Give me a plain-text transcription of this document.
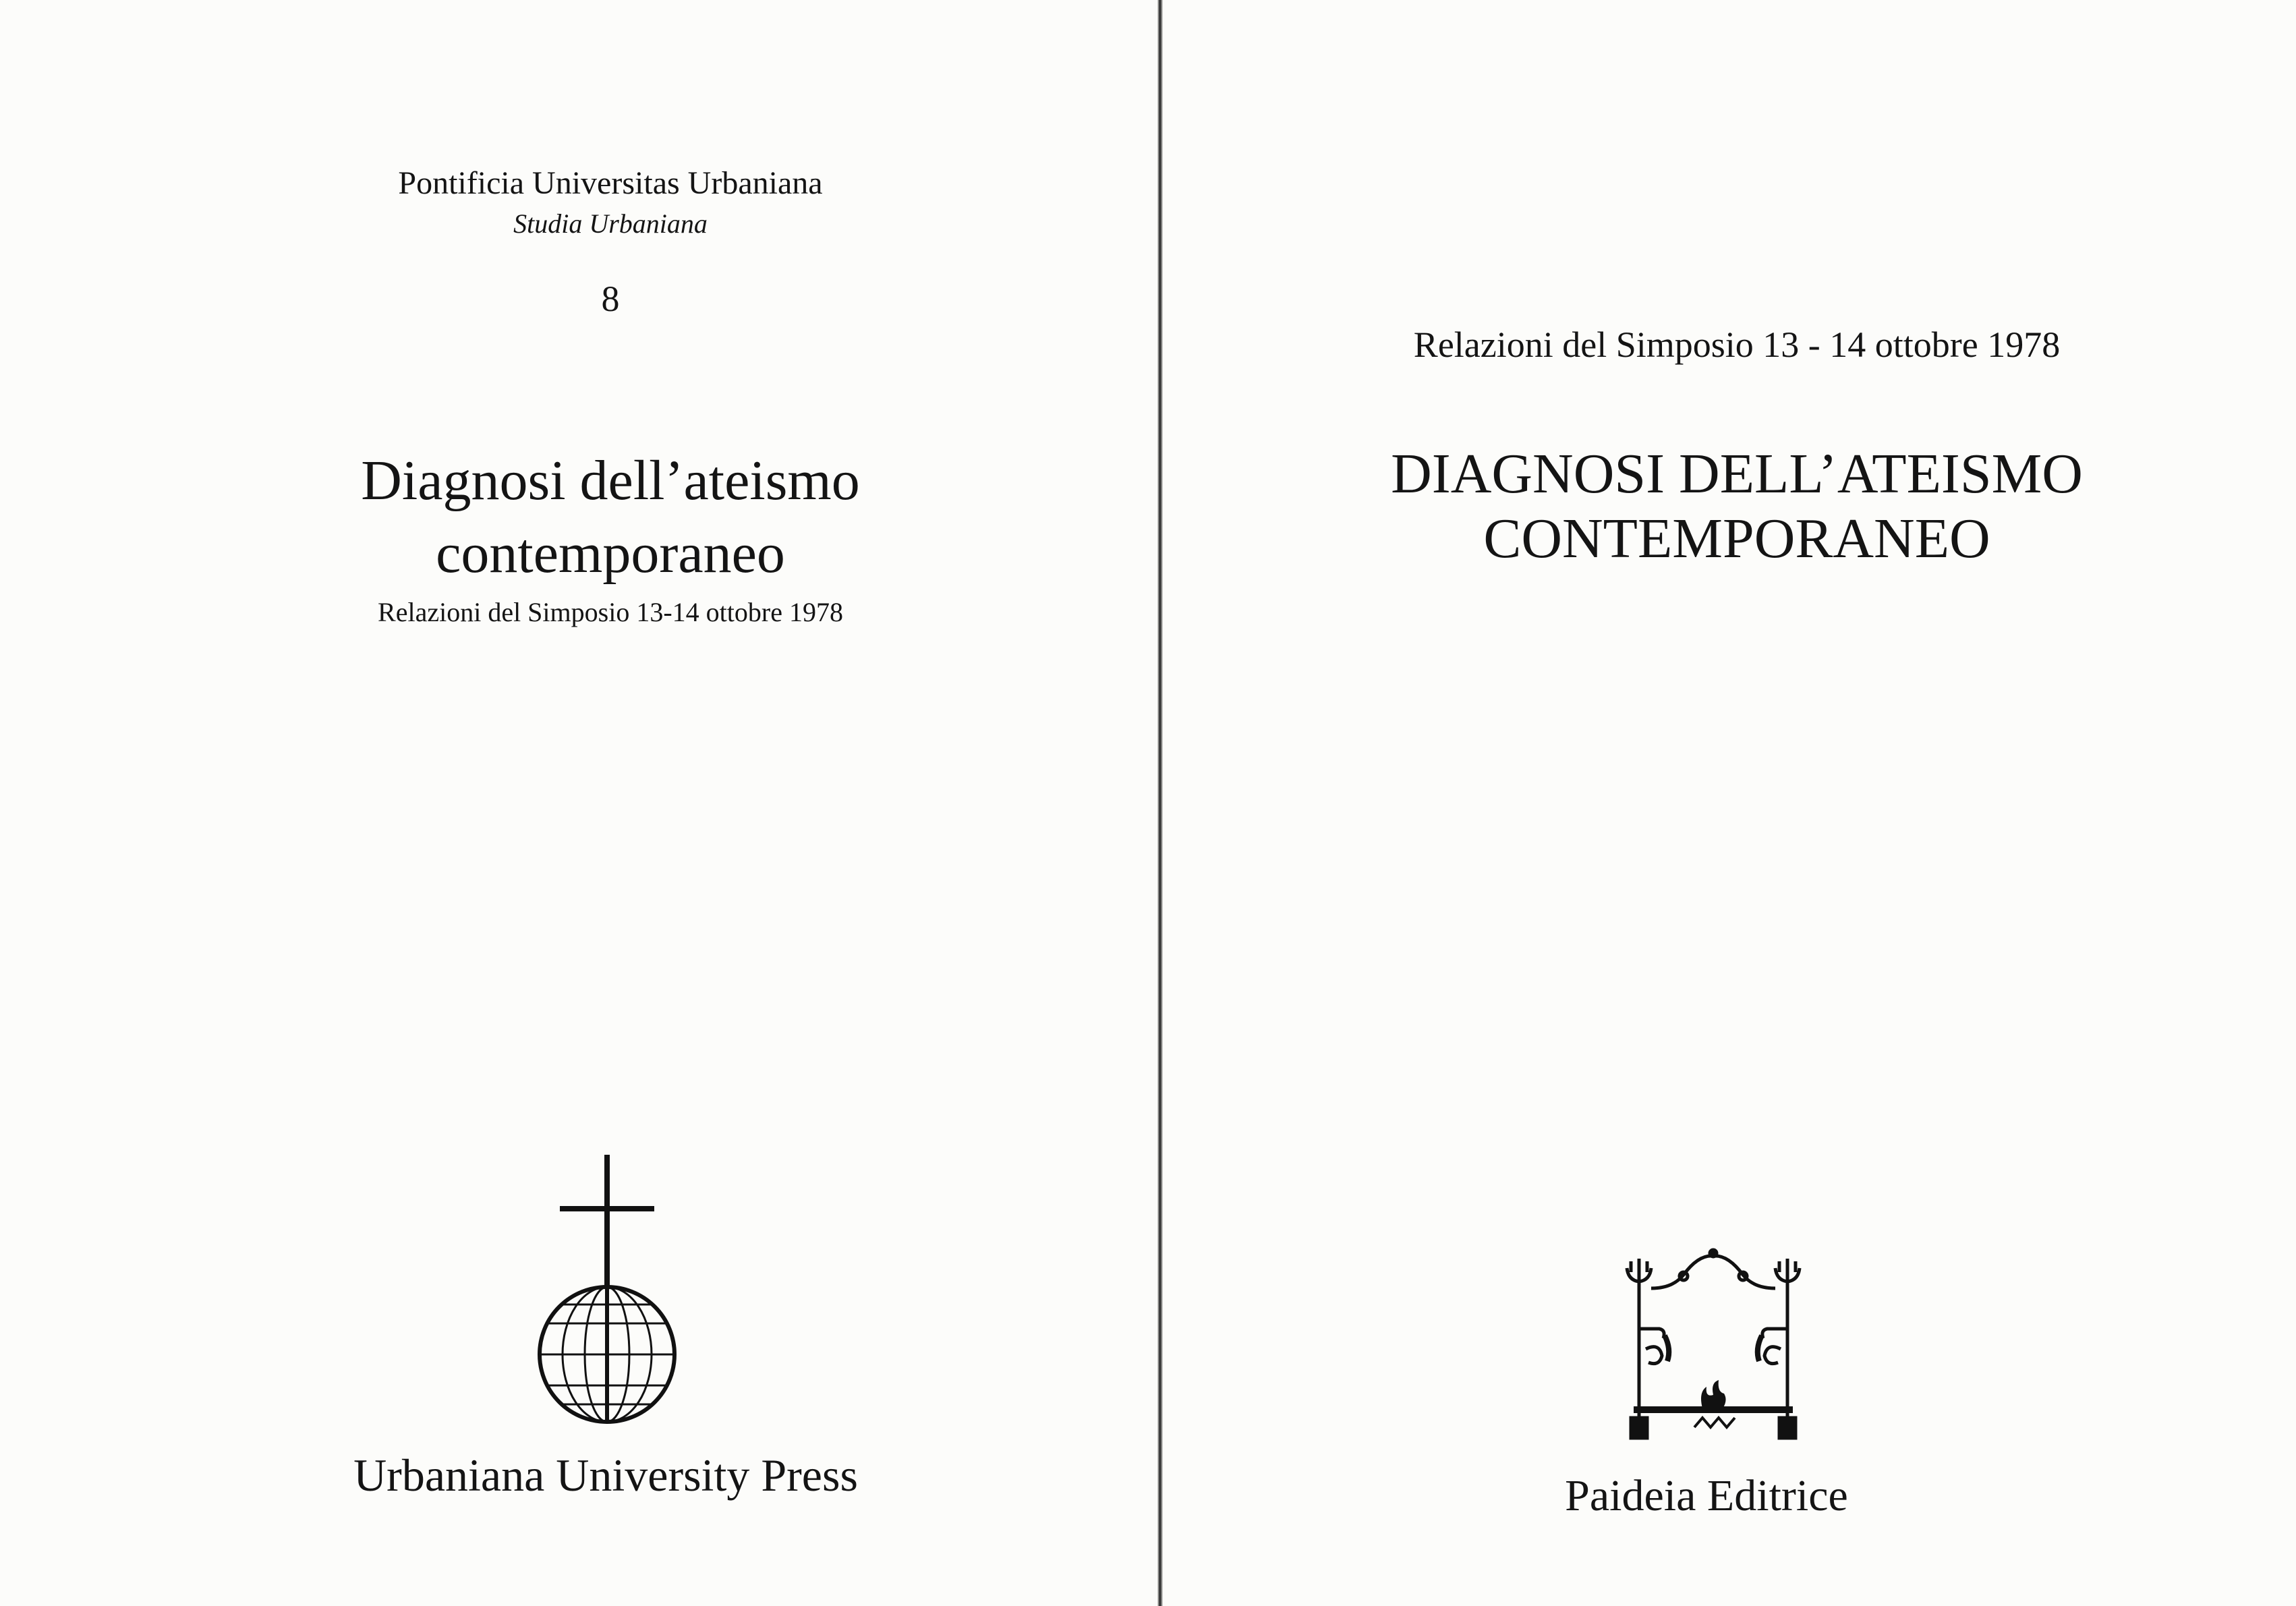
Pontificia Universitas Urbaniana
Studia Urbaniana
8
Diagnosi dell’ateismo
contemporaneo
Relazioni del Simposio 13-14 ottobre 1978
Urbaniana University Press
Relazioni del Simposio 13 - 14 ottobre 1978
DIAGNOSI DELL’ATEISMO
CONTEMPORANEO
Paideia Editrice
